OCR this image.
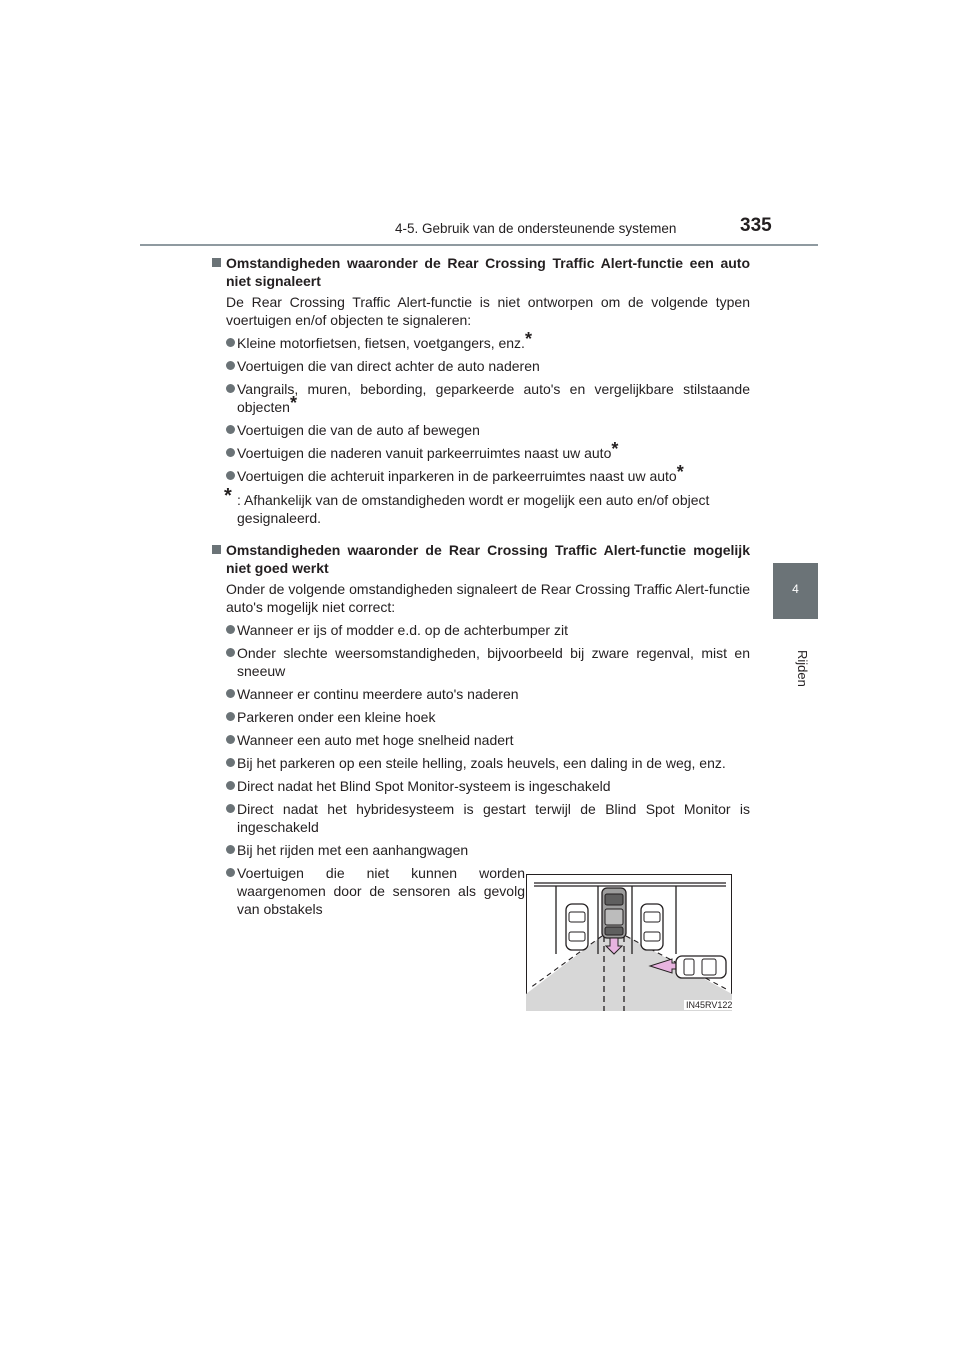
4-5. Gebruik van de ondersteunende systemen	335
4
Rijden
Omstandigheden waaronder de Rear Crossing Traffic Alert-functie een auto niet signaleert
De Rear Crossing Traffic Alert-functie is niet ontworpen om de volgende typen voertuigen en/of objecten te signaleren:
Kleine motorfietsen, fietsen, voetgangers, enz.*
Voertuigen die van direct achter de auto naderen
Vangrails, muren, bebording, geparkeerde auto's en vergelijkbare stilstaande objecten*
Voertuigen die van de auto af bewegen
Voertuigen die naderen vanuit parkeerruimtes naast uw auto*
Voertuigen die achteruit inparkeren in de parkeerruimtes naast uw auto*
* : Afhankelijk van de omstandigheden wordt er mogelijk een auto en/of object gesignaleerd.
Omstandigheden waaronder de Rear Crossing Traffic Alert-functie mogelijk niet goed werkt
Onder de volgende omstandigheden signaleert de Rear Crossing Traffic Alert-functie auto's mogelijk niet correct:
Wanneer er ijs of modder e.d. op de achterbumper zit
Onder slechte weersomstandigheden, bijvoorbeeld bij zware regenval, mist en sneeuw
Wanneer er continu meerdere auto's naderen
Parkeren onder een kleine hoek
Wanneer een auto met hoge snelheid nadert
Bij het parkeren op een steile helling, zoals heuvels, een daling in de weg, enz.
Direct nadat het Blind Spot Monitor-systeem is ingeschakeld
Direct nadat het hybridesysteem is gestart terwijl de Blind Spot Monitor is ingeschakeld
Bij het rijden met een aanhangwagen
Voertuigen die niet kunnen worden waargenomen door de sensoren als gevolg van obstakels
IN45RV122
